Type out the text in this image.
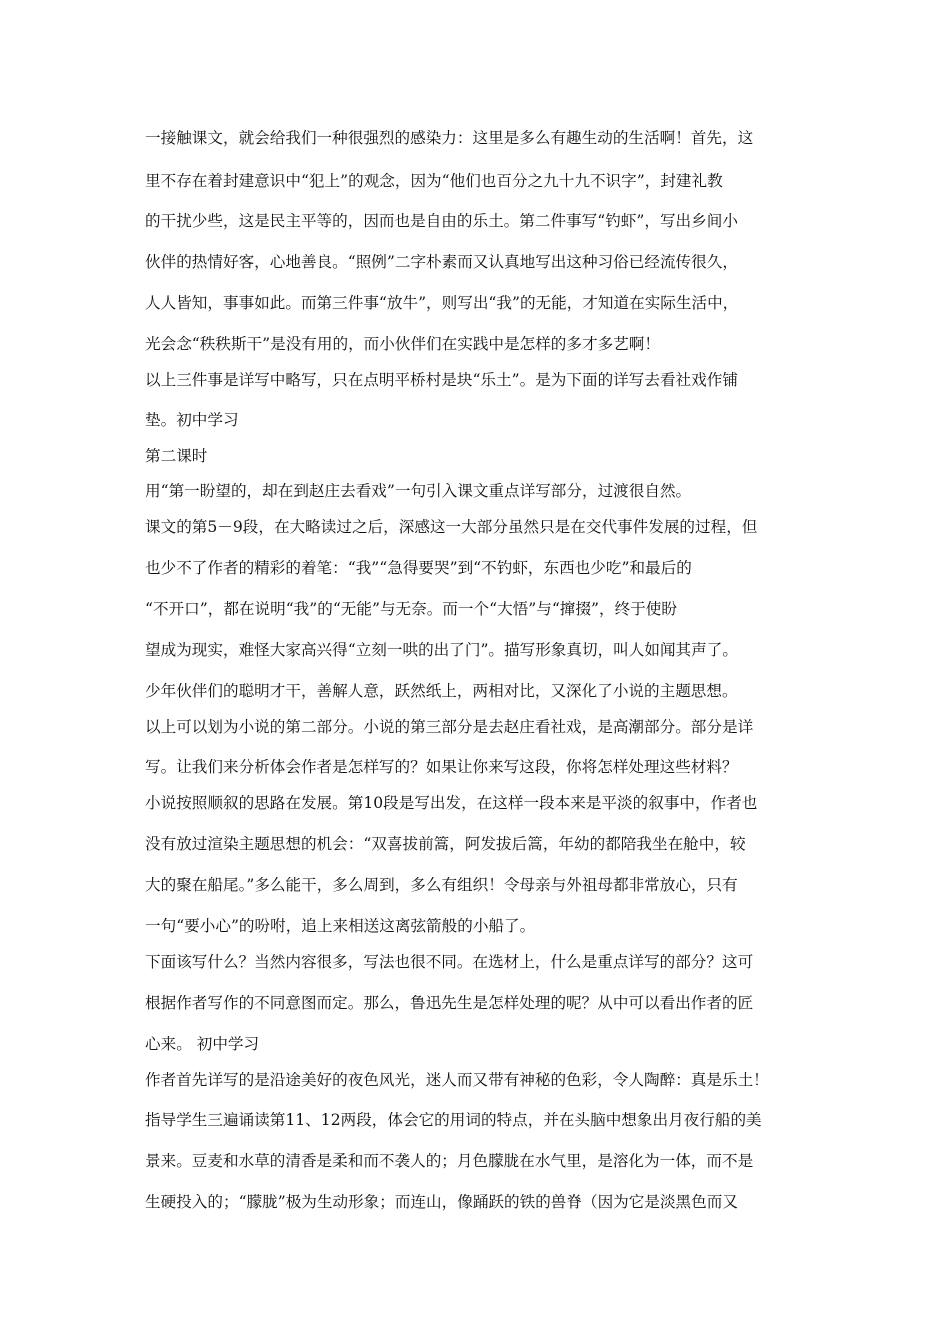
一接触课文，就会给我们一种很强烈的感染力：这里是多么有趣生动的生活啊！首先，这
里不存在着封建意识中“犯上”的观念，因为“他们也百分之九十九不识字”，封建礼教
的干扰少些，这是民主平等的，因而也是自由的乐土。第二件事写“钓虾”，写出乡间小
伙伴的热情好客，心地善良。“照例”二字朴素而又认真地写出这种习俗已经流传很久，
人人皆知，事事如此。而第三件事“放牛”，则写出“我”的无能，才知道在实际生活中，
光会念“秩秩斯干”是没有用的，而小伙伴们在实践中是怎样的多才多艺啊！
以上三件事是详写中略写，只在点明平桥村是块“乐土”。是为下面的详写去看社戏作铺
垫。初中学习
第二课时
用“第一盼望的，却在到赵庄去看戏”一句引入课文重点详写部分，过渡很自然。
课文的第5－9段，在大略读过之后，深感这一大部分虽然只是在交代事件发展的过程，但
也少不了作者的精彩的着笔：“我”“急得要哭”到“不钓虾，东西也少吃”和最后的
“不开口”，都在说明“我”的“无能”与无奈。而一个“大悟”与“撺掇”，终于使盼
望成为现实，难怪大家高兴得“立刻一哄的出了门”。描写形象真切，叫人如闻其声了。
少年伙伴们的聪明才干，善解人意，跃然纸上，两相对比，又深化了小说的主题思想。
以上可以划为小说的第二部分。小说的第三部分是去赵庄看社戏，是高潮部分。部分是详
写。让我们来分析体会作者是怎样写的？如果让你来写这段，你将怎样处理这些材料？
小说按照顺叙的思路在发展。第10段是写出发，在这样一段本来是平淡的叙事中，作者也
没有放过渲染主题思想的机会：“双喜拔前篙，阿发拔后篙，年幼的都陪我坐在舱中，较
大的聚在船尾。”多么能干，多么周到，多么有组织！令母亲与外祖母都非常放心，只有
一句“要小心”的吩咐，追上来相送这离弦箭般的小船了。
下面该写什么？当然内容很多，写法也很不同。在选材上，什么是重点详写的部分？这可
根据作者写作的不同意图而定。那么，鲁迅先生是怎样处理的呢？从中可以看出作者的匠
心来。 初中学习
作者首先详写的是沿途美好的夜色风光，迷人而又带有神秘的色彩，令人陶醉：真是乐土！
指导学生三遍诵读第11、12两段，体会它的用词的特点，并在头脑中想象出月夜行船的美
景来。豆麦和水草的清香是柔和而不袭人的；月色朦胧在水气里，是溶化为一体，而不是
生硬投入的；“朦胧”极为生动形象；而连山，像踊跃的铁的兽脊（因为它是淡黑色而又
